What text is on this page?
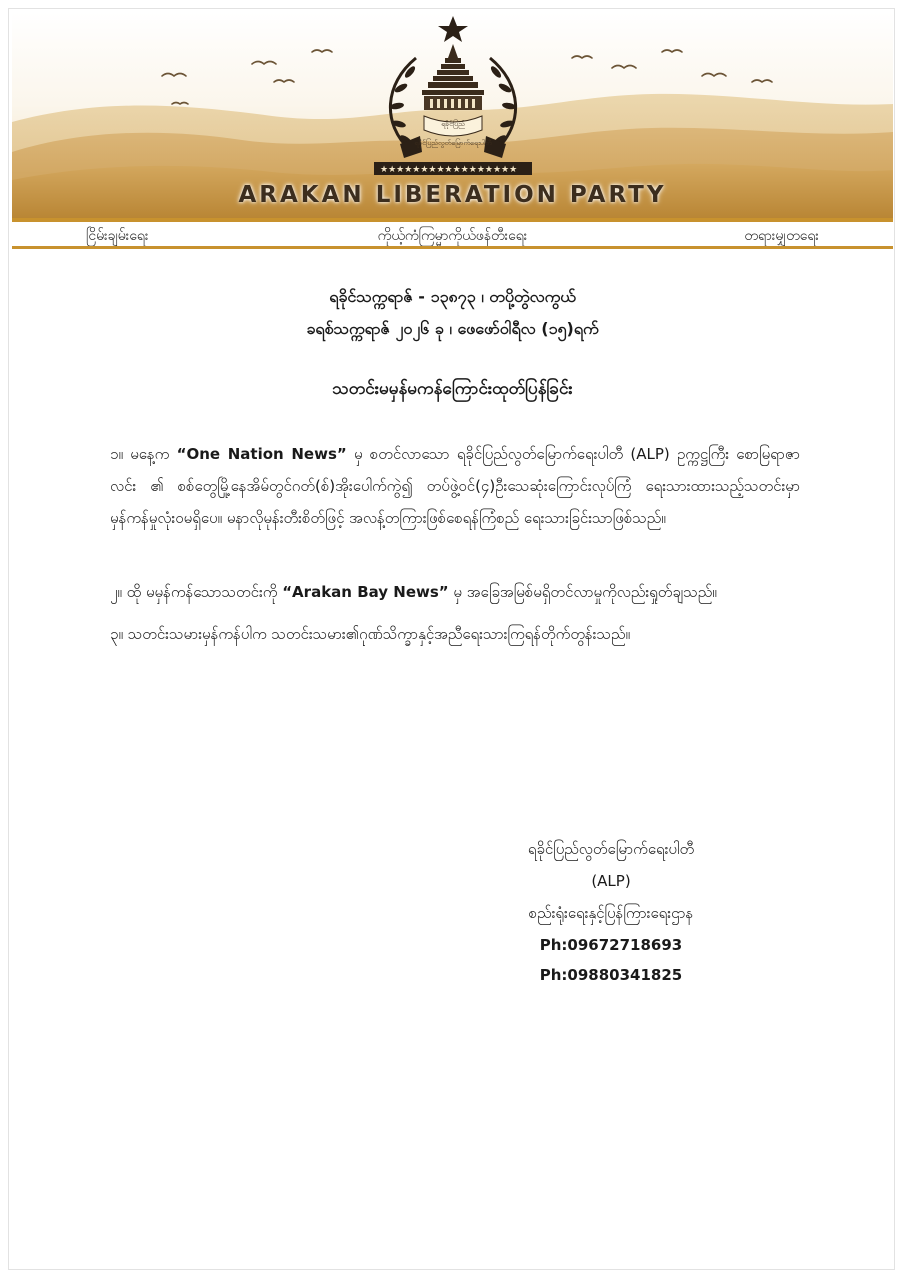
★★★★★★★★★★★★★★★★★
ရခိုင်ပြည်လွတ်မြောက်ရေးပါတီ
ရခိုင်ပြည်
ARAKAN LIBERATION PARTY
ငြိမ်းချမ်းရေး	ကိုယ့်ကံကြမ္မာကိုယ်ဖန်တီးရေး	တရားမျှတရေး
ရခိုင်သက္ကရာဇ် - ၁၃၈၇၃ ၊ တပို့တွဲလကွယ်
ခရစ်သက္ကရာဇ် ၂၀၂၆ ခု ၊ ဖေဖော်ဝါရီလ (၁၅)ရက်
သတင်းမမှန်မကန်ကြောင်းထုတ်ပြန်ခြင်း
၁။ မနေ့က “One Nation News” မှ စတင်လာသော ရခိုင်ပြည်လွတ်မြောက်ရေးပါတီ (ALP) ဥက္ကဋ္ဌကြီး စောမြရာဇာလင်း ၏ စစ်တွေမြို့နေအိမ်တွင်ဂတ်(စ်)အိုးပေါက်ကွဲ၍ တပ်ဖွဲ့ဝင်(၄)ဦးသေဆုံးကြောင်းလုပ်ကြံ ရေးသားထားသည့်သတင်းမှာ မှန်ကန်မှုလုံးဝမရှိပေ။ မနာလိုမုန်းတီးစိတ်ဖြင့် အလန့်တကြားဖြစ်စေရန်ကြံစည် ရေးသားခြင်းသာဖြစ်သည်။
၂။ ထို မမှန်ကန်သောသတင်းကို “Arakan Bay News” မှ အခြေအမြစ်မရှိတင်လာမှုကိုလည်းရှုတ်ချသည်။
၃။ သတင်းသမားမှန်ကန်ပါက သတင်းသမား၏ဂုဏ်သိက္ခာနှင့်အညီရေးသားကြရန်တိုက်တွန်းသည်။
ရခိုင်ပြည်လွတ်မြောက်ရေးပါတီ
(ALP)
စည်းရုံးရေးနှင့်ပြန်ကြားရေးဌာန
Ph:09672718693
Ph:09880341825
